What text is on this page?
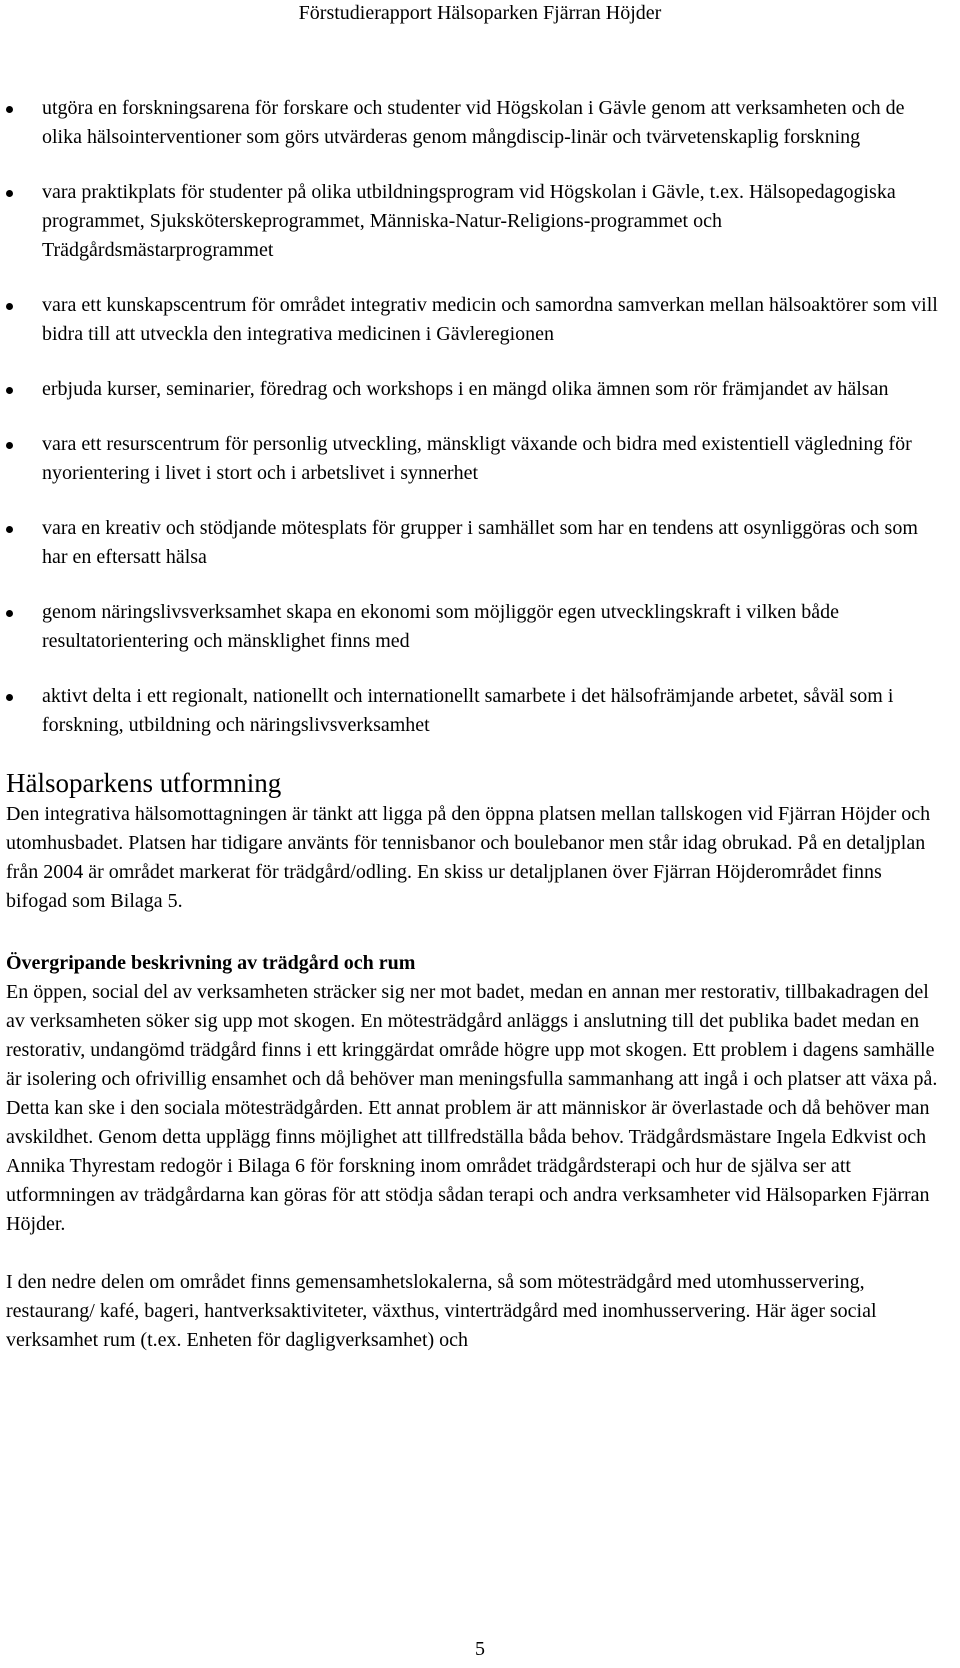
Förstudierapport Hälsoparken Fjärran Höjder
utgöra en forskningsarena för forskare och studenter vid Högskolan i Gävle genom att verksamheten och de olika hälsointerventioner som görs utvärderas genom mångdiscip-linär och tvärvetenskaplig forskning
vara praktikplats för studenter på olika utbildningsprogram vid Högskolan i Gävle, t.ex. Hälsopedagogiska programmet, Sjuksköterskeprogrammet, Människa-Natur-Religions-programmet och Trädgårdsmästarprogrammet
vara ett kunskapscentrum för området integrativ medicin och samordna samverkan mellan hälsoaktörer som vill bidra till att utveckla den integrativa medicinen i Gävleregionen
erbjuda kurser, seminarier, föredrag och workshops i en mängd olika ämnen som rör främjandet av hälsan
vara ett resurscentrum för personlig utveckling, mänskligt växande och bidra med existentiell vägledning för nyorientering i livet i stort och i arbetslivet i synnerhet
vara en kreativ och stödjande mötesplats för grupper i samhället som har en tendens att osynliggöras och som har en eftersatt hälsa
genom näringslivsverksamhet skapa en ekonomi som möjliggör egen utvecklingskraft i vilken både resultatorientering och mänsklighet finns med
aktivt delta i ett regionalt, nationellt och internationellt samarbete i det hälsofrämjande arbetet, såväl som i forskning, utbildning och näringslivsverksamhet
Hälsoparkens utformning

Den integrativa hälsomottagningen är tänkt att ligga på den öppna platsen mellan tallskogen vid Fjärran Höjder och utomhusbadet. Platsen har tidigare använts för tennisbanor och boulebanor men står idag obrukad. På en detaljplan från 2004 är området markerat för trädgård/odling. En skiss ur detaljplanen över Fjärran Höjderområdet finns bifogad som Bilaga 5.

Övergripande beskrivning av trädgård och rum

En öppen, social del av verksamheten sträcker sig ner mot badet, medan en annan mer restorativ, tillbakadragen del av verksamheten söker sig upp mot skogen. En mötesträdgård anläggs i anslutning till det publika badet medan en restorativ, undangömd trädgård finns i ett kringgärdat område högre upp mot skogen. Ett problem i dagens samhälle är isolering och ofrivillig ensamhet och då behöver man meningsfulla sammanhang att ingå i och platser att växa på. Detta kan ske i den sociala mötesträdgården. Ett annat problem är att människor är överlastade och då behöver man avskildhet. Genom detta upplägg finns möjlighet att tillfredställa båda behov. Trädgårdsmästare Ingela Edkvist och Annika Thyrestam redogör i Bilaga 6 för forskning inom området trädgårdsterapi och hur de själva ser att utformningen av trädgårdarna kan göras för att stödja sådan terapi och andra verksamheter vid Hälsoparken Fjärran Höjder.

I den nedre delen om området finns gemensamhetslokalerna, så som mötesträdgård med utomhusservering, restaurang/ kafé, bageri, hantverksaktiviteter, växthus, vinterträdgård med inomhusservering. Här äger social verksamhet rum (t.ex. Enheten för dagligverksamhet) och

5
